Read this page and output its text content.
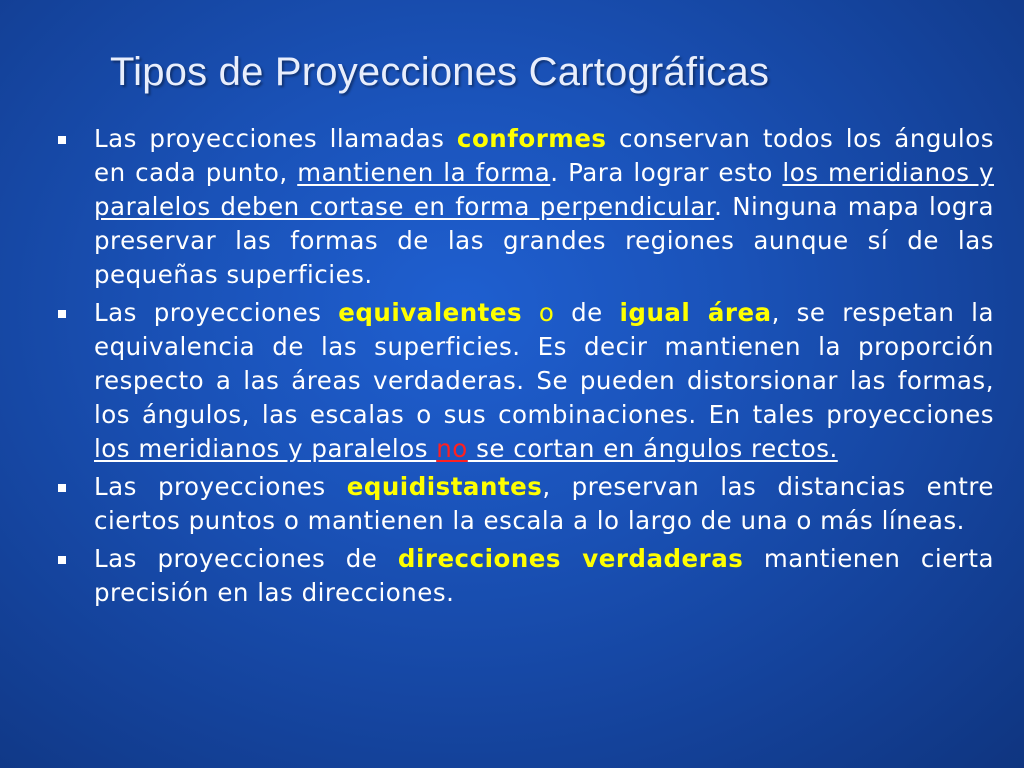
Tipos de Proyecciones Cartográficas
Las proyecciones llamadas conformes conservan todos los ángulos en cada punto, mantienen la forma. Para lograr esto los meridianos y paralelos deben cortase en forma perpendicular. Ninguna mapa logra preservar las formas de las grandes regiones aunque sí de las pequeñas superficies.
Las proyecciones equivalentes o de igual área, se respetan la equivalencia de las superficies. Es decir mantienen la proporción respecto a las áreas verdaderas. Se pueden distorsionar las formas, los ángulos, las escalas o sus combinaciones. En tales proyecciones los meridianos y paralelos no se cortan en ángulos rectos.
Las proyecciones equidistantes, preservan las distancias entre ciertos puntos o mantienen la escala a lo largo de una o más líneas.
Las proyecciones de direcciones verdaderas mantienen cierta precisión en las direcciones.
